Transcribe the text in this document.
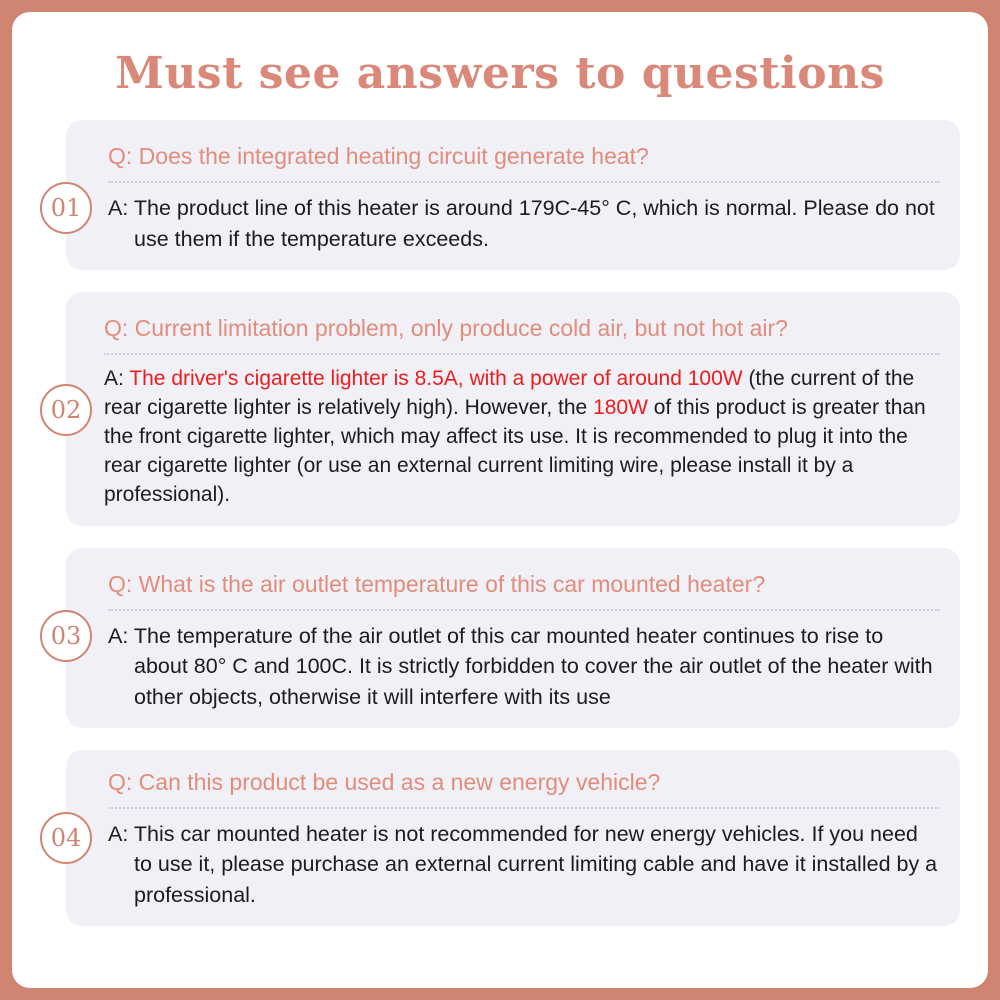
Must see answers to questions
01
Q: Does the integrated heating circuit generate heat?
A: The product line of this heater is around 179C-45° C, which is normal. Please do not use them if the temperature exceeds.
02
Q: Current limitation problem, only produce cold air, but not hot air?
A: The driver's cigarette lighter is 8.5A, with a power of around 100W (the current of the rear cigarette lighter is relatively high). However, the 180W of this product is greater than the front cigarette lighter, which may affect its use. It is recommended to plug it into the rear cigarette lighter (or use an external current limiting wire, please install it by a professional).
03
Q: What is the air outlet temperature of this car mounted heater?
A: The temperature of the air outlet of this car mounted heater continues to rise to about 80° C and 100C. It is strictly forbidden to cover the air outlet of the heater with other objects, otherwise it will interfere with its use
04
Q: Can this product be used as a new energy vehicle?
A: This car mounted heater is not recommended for new energy vehicles. If you need to use it, please purchase an external current limiting cable and have it installed by a professional.
